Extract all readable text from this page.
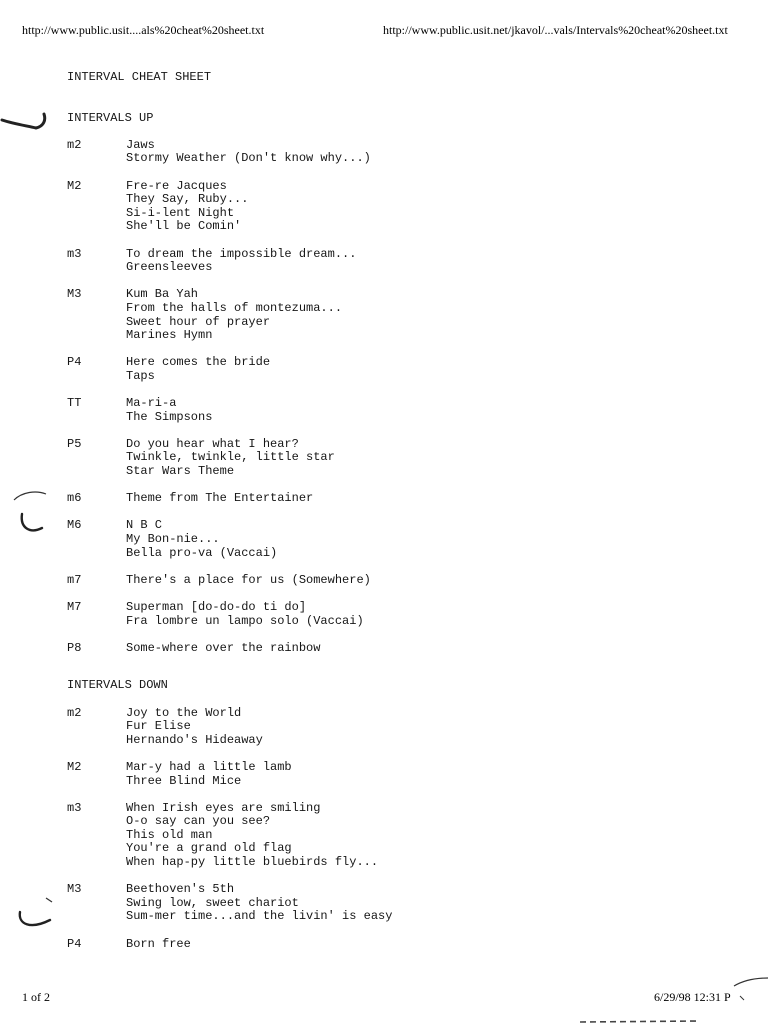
http://www.public.usit....als%20cheat%20sheet.txt	http://www.public.usit.net/jkavol/...vals/Intervals%20cheat%20sheet.txt
INTERVAL CHEAT SHEET
INTERVALS UP
m2	Jaws
Stormy Weather (Don't know why...)
M2	Fre-re Jacques
They Say, Ruby...
Si-i-lent Night
She'll be Comin'
m3	To dream the impossible dream...
Greensleeves
M3	Kum Ba Yah
From the halls of montezuma...
Sweet hour of prayer
Marines Hymn
P4	Here comes the bride
Taps
TT	Ma-ri-a
The Simpsons
P5	Do you hear what I hear?
Twinkle, twinkle, little star
Star Wars Theme
m6	Theme from The Entertainer
M6	N B C
My Bon-nie...
Bella pro-va (Vaccai)
m7	There's a place for us (Somewhere)
M7	Superman [do-do-do ti do]
Fra lombre un lampo solo (Vaccai)
P8	Some-where over the rainbow
INTERVALS DOWN
m2	Joy to the World
Fur Elise
Hernando's Hideaway
M2	Mar-y had a little lamb
Three Blind Mice
m3	When Irish eyes are smiling
O-o say can you see?
This old man
You're a grand old flag
When hap-py little bluebirds fly...
M3	Beethoven's 5th
Swing low, sweet chariot
Sum-mer time...and the livin' is easy
P4	Born free
1 of 2	6/29/98 12:31 P
